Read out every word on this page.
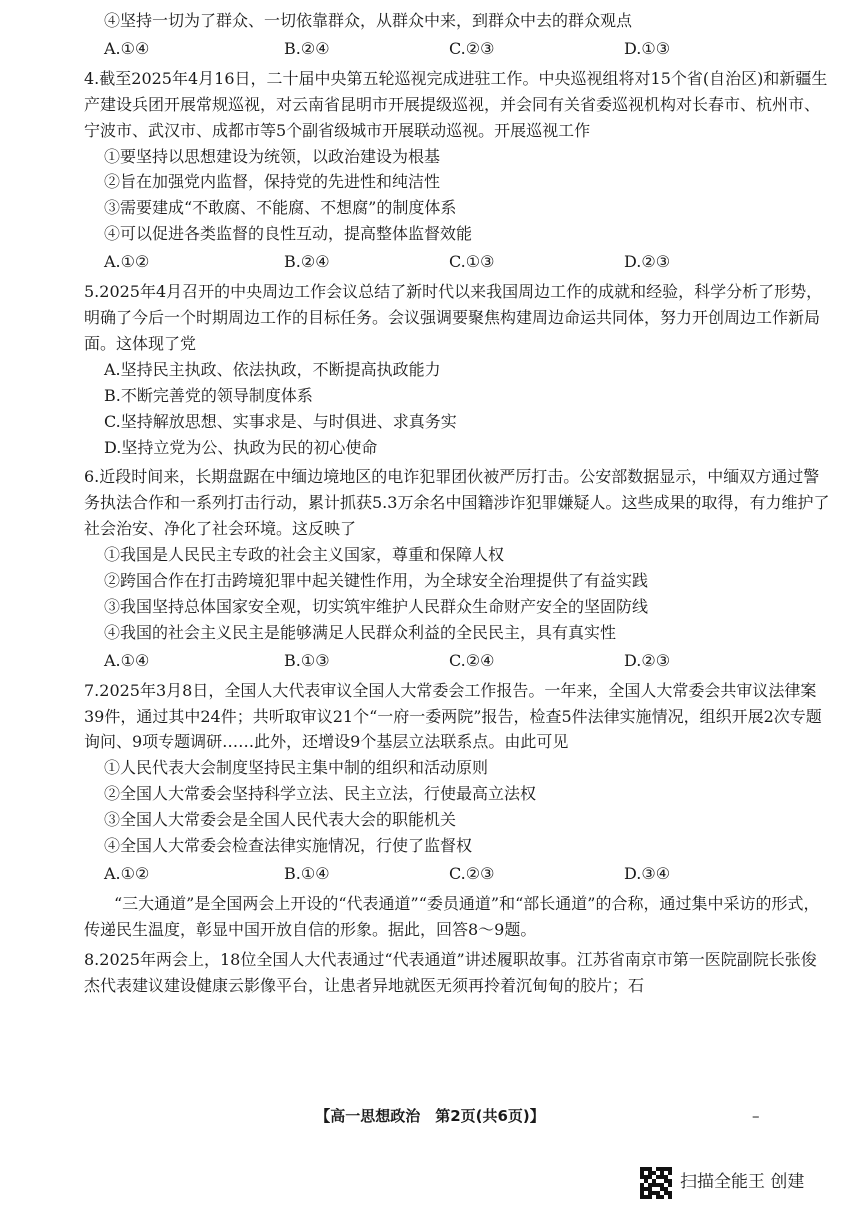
④坚持一切为了群众、一切依靠群众，从群众中来，到群众中去的群众观点

A.①④	B.②④	C.②③	D.①③

4.截至2025年4月16日，二十届中央第五轮巡视完成进驻工作。中央巡视组将对15个省(自治区)和新疆生产建设兵团开展常规巡视，对云南省昆明市开展提级巡视，并会同有关省委巡视机构对长春市、杭州市、宁波市、武汉市、成都市等5个副省级城市开展联动巡视。开展巡视工作

①要坚持以思想建设为统领，以政治建设为根基

②旨在加强党内监督，保持党的先进性和纯洁性

③需要建成“不敢腐、不能腐、不想腐”的制度体系

④可以促进各类监督的良性互动，提高整体监督效能

A.①②	B.②④	C.①③	D.②③

5.2025年4月召开的中央周边工作会议总结了新时代以来我国周边工作的成就和经验，科学分析了形势，明确了今后一个时期周边工作的目标任务。会议强调要聚焦构建周边命运共同体，努力开创周边工作新局面。这体现了党

A.坚持民主执政、依法执政，不断提高执政能力

B.不断完善党的领导制度体系

C.坚持解放思想、实事求是、与时俱进、求真务实

D.坚持立党为公、执政为民的初心使命

6.近段时间来，长期盘踞在中缅边境地区的电诈犯罪团伙被严厉打击。公安部数据显示，中缅双方通过警务执法合作和一系列打击行动，累计抓获5.3万余名中国籍涉诈犯罪嫌疑人。这些成果的取得，有力维护了社会治安、净化了社会环境。这反映了

①我国是人民民主专政的社会主义国家，尊重和保障人权

②跨国合作在打击跨境犯罪中起关键性作用，为全球安全治理提供了有益实践

③我国坚持总体国家安全观，切实筑牢维护人民群众生命财产安全的坚固防线

④我国的社会主义民主是能够满足人民群众利益的全民民主，具有真实性

A.①④	B.①③	C.②④	D.②③

7.2025年3月8日，全国人大代表审议全国人大常委会工作报告。一年来，全国人大常委会共审议法律案39件，通过其中24件；共听取审议21个“一府一委两院”报告，检查5件法律实施情况，组织开展2次专题询问、9项专题调研……此外，还增设9个基层立法联系点。由此可见

①人民代表大会制度坚持民主集中制的组织和活动原则

②全国人大常委会坚持科学立法、民主立法，行使最高立法权

③全国人大常委会是全国人民代表大会的职能机关

④全国人大常委会检查法律实施情况，行使了监督权

A.①②	B.①④	C.②③	D.③④

“三大通道”是全国两会上开设的“代表通道”“委员通道”和“部长通道”的合称，通过集中采访的形式，传递民生温度，彰显中国开放自信的形象。据此，回答8～9题。

8.2025年两会上，18位全国人大代表通过“代表通道”讲述履职故事。江苏省南京市第一医院副院长张俊杰代表建议建设健康云影像平台，让患者异地就医无须再拎着沉甸甸的胶片；石

【高一思想政治　第2页(共6页)】	–
扫描全能王 创建
